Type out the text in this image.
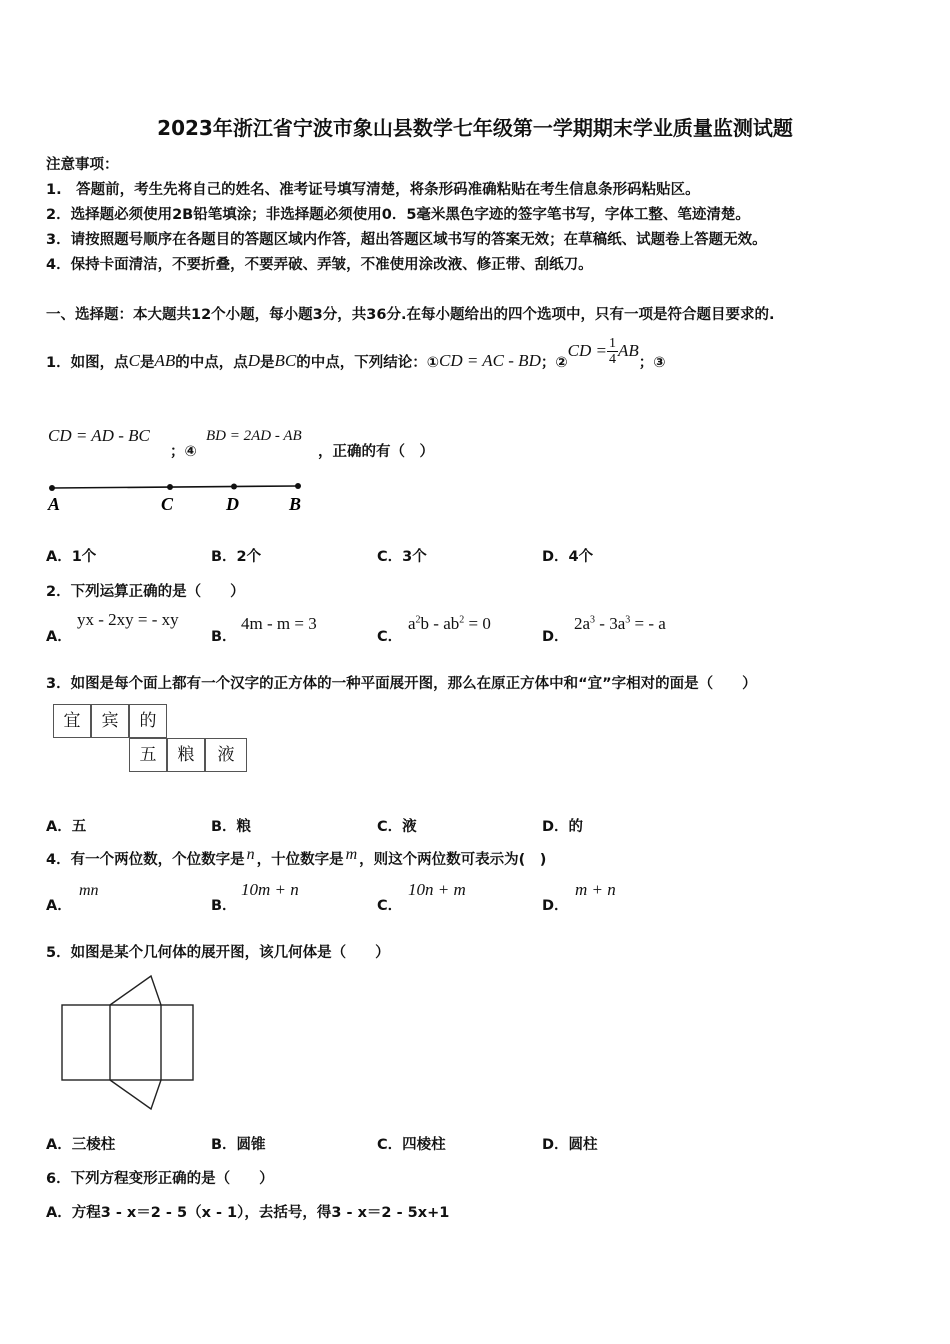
2023年浙江省宁波市象山县数学七年级第一学期期末学业质量监测试题
注意事项：
1.　答题前，考生先将自己的姓名、准考证号填写清楚，将条形码准确粘贴在考生信息条形码粘贴区。
2．选择题必须使用2B铅笔填涂；非选择题必须使用0．5毫米黑色字迹的签字笔书写，字体工整、笔迹清楚。
3．请按照题号顺序在各题目的答题区域内作答，超出答题区域书写的答案无效；在草稿纸、试题卷上答题无效。
4．保持卡面清洁，不要折叠，不要弄破、弄皱，不准使用涂改液、修正带、刮纸刀。
一、选择题：本大题共12个小题，每小题3分，共36分.在每小题给出的四个选项中，只有一项是符合题目要求的.
1．如图，点 C 是 AB 的中点，点 D 是 BC 的中点，下列结论：① CD = AC - BD ；②
CD = $\frac{1}{4}$ AB
；③
CD = AD - BC
；④
BD = 2AD - AB
，正确的有（　）
A	C	D	B
A．1个	B．2个	C．3个	D．4个
2．下列运算正确的是（　　）
A．
yx - 2xy = - xy
B．
4m - m = 3
C．
$a^2b - ab^2 = 0$
D．
$2a^3 - 3a^3$ = - a
3．如图是每个面上都有一个汉字的正方体的一种平面展开图，那么在原正方体中和“宜”字相对的面是（　　）
宜	宾	的
五	粮	液
A．五	B．粮	C．液	D．的
4．有一个两位数，个位数字是 n ，十位数字是 m ，则这个两位数可表示为(　)
A．
mn
B．
10m + n
C．
10n + m
D．
m + n
5．如图是某个几何体的展开图，该几何体是（　　）
A．三棱柱	B．圆锥	C．四棱柱	D．圆柱
6．下列方程变形正确的是（　　）
A．方程3 - x＝2 - 5（x - 1），去括号，得3 - x＝2 - 5x+1
